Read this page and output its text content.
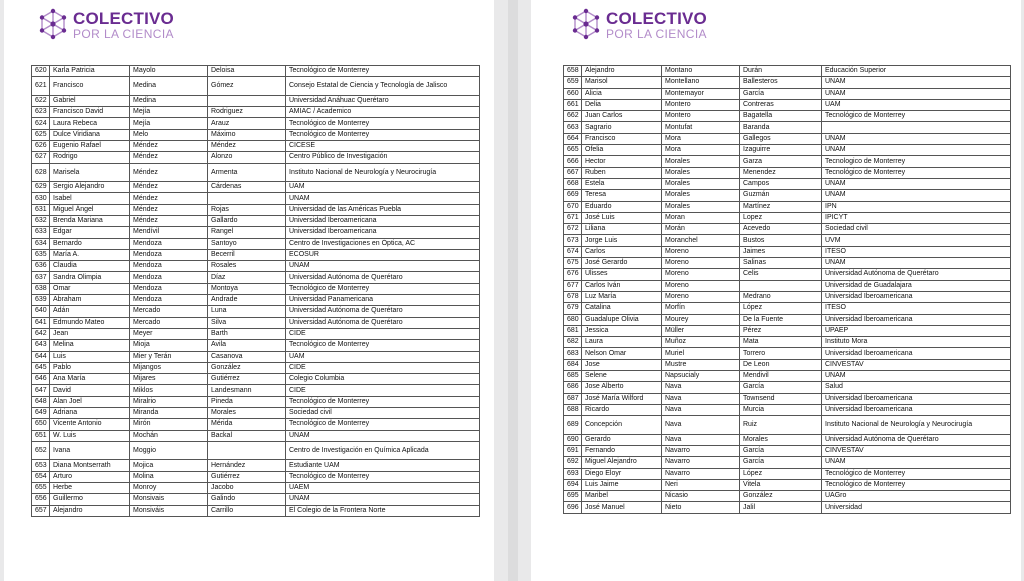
COLECTIVO
POR LA CIENCIA
620	Karla Patricia	Mayolo	Deloisa	Tecnológico de Monterrey
621	Francisco	Medina	Gómez	Consejo Estatal de Ciencia y Tecnología de Jalisco
622	Gabriel	Medina		Universidad Anáhuac Querétaro
623	Francisco David	Mejía	Rodriguez	AMIAC / Academico
624	Laura Rebeca	Mejía	Arauz	Tecnológico de Monterrey
625	Dulce Viridiana	Melo	Máximo	Tecnológico de Monterrey
626	Eugenio Rafael	Méndez	Méndez	CICESE
627	Rodrigo	Méndez	Alonzo	Centro Público de Investigación
628	Marisela	Méndez	Armenta	Instituto Nacional de Neurología y Neurocirugía
629	Sergio Alejandro	Méndez	Cárdenas	UAM
630	Isabel	Méndez		UNAM
631	Miguel Ángel	Méndez	Rojas	Universidad de las Américas Puebla
632	Brenda Mariana	Méndez	Gallardo	Universidad Iberoamericana
633	Edgar	Mendívil	Rangel	Universidad Iberoamericana
634	Bernardo	Mendoza	Santoyo	Centro de Investigaciones en Óptica, AC
635	María A.	Mendoza	Becerril	ECOSUR
636	Claudia	Mendoza	Rosales	UNAM
637	Sandra Olimpia	Mendoza	Díaz	Universidad Autónoma de Querétaro
638	Omar	Mendoza	Montoya	Tecnológico de Monterrey
639	Abraham	Mendoza	Andrade	Universidad Panamericana
640	Adán	Mercado	Luna	Universidad Autónoma de Querétaro
641	Edmundo Mateo	Mercado	Silva	Universidad Autónoma de Querétaro
642	Jean	Meyer	Barth	CIDE
643	Melina	Mioja	Avila	Tecnológico de Monterrey
644	Luis	Mier y Terán	Casanova	UAM
645	Pablo	Mijangos	González	CIDE
646	Ana María	Mijares	Gutiérrez	Colegio Columbia
647	David	Miklos	Landesmann	CIDE
648	Alan Joel	Miralrio	Pineda	Tecnológico de Monterrey
649	Adriana	Miranda	Morales	Sociedad civil
650	Vicente Antonio	Mirón	Mérida	Tecnológico de Monterrey
651	W. Luis	Mochán	Backal	UNAM
652	Ivana	Moggio		Centro de Investigación en Química Aplicada
653	Diana Montserrath	Mojica	Hernández	Estudiante UAM
654	Arturo	Molina	Gutiérrez	Tecnológico de Monterrey
655	Herbe	Monroy	Jacobo	UAEM
656	Guillermo	Monsivais	Galindo	UNAM
657	Alejandro	Monsiváis	Carrillo	El Colegio de la Frontera Norte
COLECTIVO
POR LA CIENCIA
658	Alejandro	Montano	Durán	Educación Superior
659	Marisol	Montellano	Ballesteros	UNAM
660	Alicia	Montemayor	García	UNAM
661	Delia	Montero	Contreras	UAM
662	Juan Carlos	Montero	Bagatella	Tecnológico de Monterrey
663	Sagrario	Montufat	Baranda	
664	Francisco	Mora	Gallegos	UNAM
665	Ofelia	Mora	Izaguirre	UNAM
666	Hector	Morales	Garza	Tecnologico de Monterrey
667	Ruben	Morales	Menendez	Tecnológico de Monterrey
668	Estela	Morales	Campos	UNAM
669	Teresa	Morales	Guzmán	UNAM
670	Eduardo	Morales	Martínez	IPN
671	José Luis	Moran	Lopez	IPICYT
672	Liliana	Morán	Acevedo	Sociedad civil
673	Jorge Luis	Moranchel	Bustos	UVM
674	Carlos	Moreno	Jaimes	ITESO
675	José Gerardo	Moreno	Salinas	UNAM
676	Ulisses	Moreno	Celis	Universidad Autónoma de Querétaro
677	Carlos Iván	Moreno		Universidad de Guadalajara
678	Luz María	Moreno	Medrano	Universidad Iberoamericana
679	Catalina	Morfín	López	ITESO
680	Guadalupe Olivia	Mourey	De la Fuente	Universidad Iberoamericana
681	Jessica	Müller	Pérez	UPAEP
682	Laura	Muñoz	Mata	Instituto Mora
683	Nelson Omar	Muriel	Torrero	Universidad Iberoamericana
684	Jose	Mustre	De Leon	CINVESTAV
685	Selene	Napsucialy	Mendivil	UNAM
686	Jose Alberto	Nava	García	Salud
687	José María Wilford	Nava	Townsend	Universidad Iberoamericana
688	Ricardo	Nava	Murcia	Universidad Iberoamericana
689	Concepción	Nava	Ruiz	Instituto Nacional de Neurología y Neurocirugía
690	Gerardo	Nava	Morales	Universidad Autónoma de Querétaro
691	Fernando	Navarro	García	CINVESTAV
692	Miguel Alejandro	Navarro	García	UNAM
693	Diego Eloyr	Navarro	López	Tecnológico de Monterrey
694	Luis Jaime	Neri	Vitela	Tecnológico de Monterrey
695	Maribel	Nicasio	González	UAGro
696	José Manuel	Nieto	Jalil	Universidad
